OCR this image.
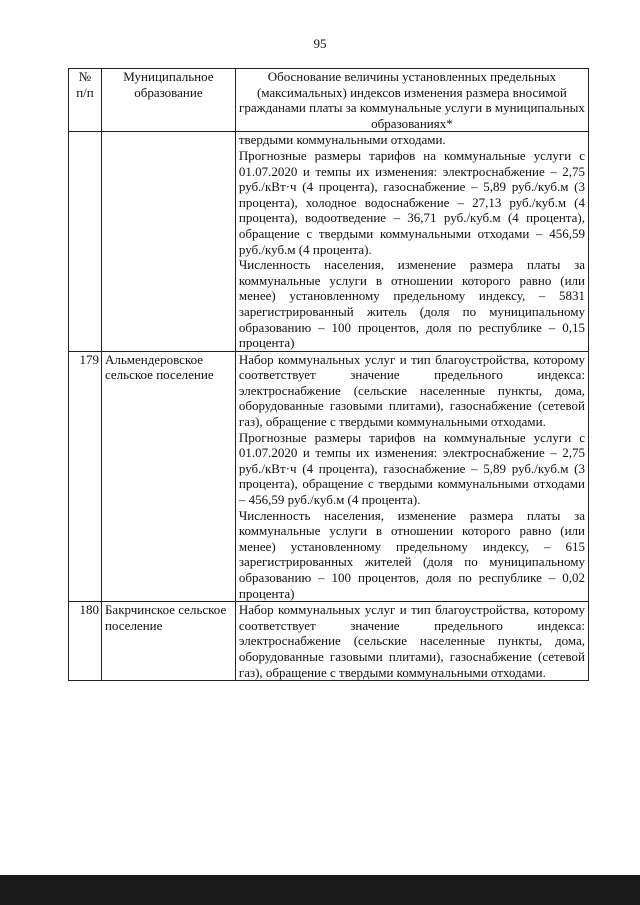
95
№ п/п	Муниципальное образование	Обоснование величины установленных предельных (максимальных) индексов изменения размера вносимой гражданами платы за коммунальные услуги в муниципальных образованиях*

		твердыми коммунальными отходами.

Прогнозные размеры тарифов на коммунальные услуги с 01.07.2020 и темпы их изменения: электроснабжение – 2,75 руб./кВт·ч (4 процента), газоснабжение – 5,89 руб./куб.м (3 процента), холодное водоснабжение – 27,13 руб./куб.м (4 процента), водоотведение – 36,71 руб./куб.м (4 процента), обращение с твердыми коммунальными отходами – 456,59 руб./куб.м (4 процента).

Численность населения, изменение размера платы за коммунальные услуги в отношении которого равно (или менее) установленному предельному индексу, – 5831 зарегистрированный житель (доля по муниципальному образованию – 100 процентов, доля по республике – 0,15 процента)

179	Альмендеровское сельское поселение	Набор коммунальных услуг и тип благоустройства, которому соответствует значение предельного индекса: электроснабжение (сельские населенные пункты, дома, оборудованные газовыми плитами), газоснабжение (сетевой газ), обращение с твердыми коммунальными отходами.

Прогнозные размеры тарифов на коммунальные услуги с 01.07.2020 и темпы их изменения: электроснабжение – 2,75 руб./кВт·ч (4 процента), газоснабжение – 5,89 руб./куб.м (3 процента), обращение с твердыми коммунальными отходами – 456,59 руб./куб.м (4 процента).

Численность населения, изменение размера платы за коммунальные услуги в отношении которого равно (или менее) установленному предельному индексу, – 615 зарегистрированных жителей (доля по муниципальному образованию – 100 процентов, доля по республике – 0,02 процента)

180	Бакрчинское сельское поселение	Набор коммунальных услуг и тип благоустройства, которому соответствует значение предельного индекса: электроснабжение (сельские населенные пункты, дома, оборудованные газовыми плитами), газоснабжение (сетевой газ), обращение с твердыми коммунальными отходами.
